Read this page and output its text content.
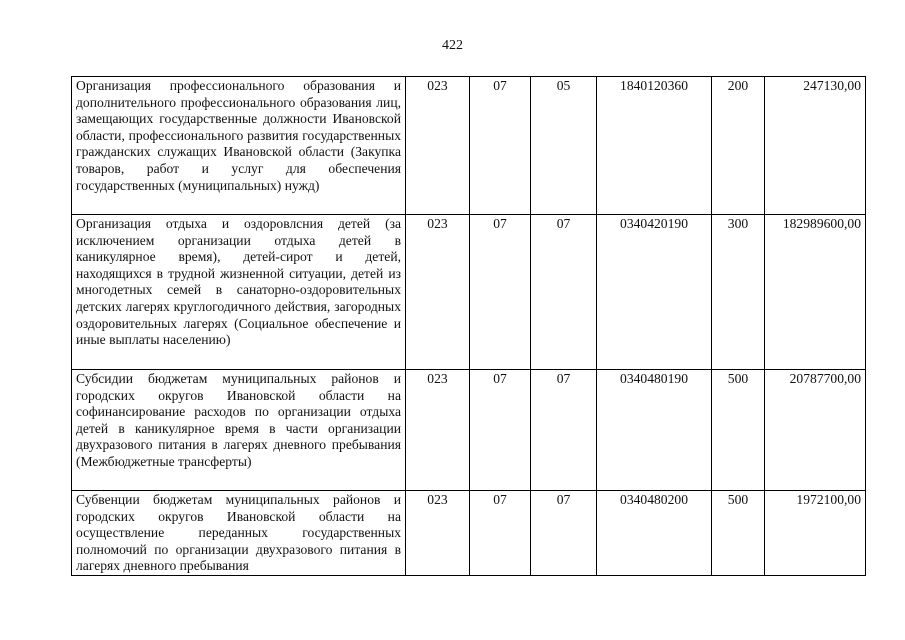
422
Организация профессионального образования и дополнительного профессионального образования лиц, замещающих государственные должности Ивановской области, профессионального развития государственных гражданских служащих Ивановской области (Закупка товаров, работ и услуг для обеспечения государственных (муниципальных) нужд)	023	07	05	1840120360	200	247130,00
Организация отдыха и оздоровлсния детей (за исключением организации отдыха детей в каникулярное время), детей-сирот и детей, находящихся в трудной жизненной ситуации, детей из многодетных семей в санаторно-оздоровительных детских лагерях круглогодичного действия, загородных оздоровительных лагерях (Социальное обеспечение и иные выплаты населению)	023	07	07	0340420190	300	182989600,00
Субсидии бюджетам муниципальных районов и городских округов Ивановской области на софинансирование расходов по организации отдыха детей в каникулярное время в части организации двухразового питания в лагерях дневного пребывания (Межбюджетные трансферты)	023	07	07	0340480190	500	20787700,00
Субвенции бюджетам муниципальных районов и городских округов Ивановской области на осуществление переданных государственных полномочий по организации двухразового питания в лагерях дневного пребывания	023	07	07	0340480200	500	1972100,00
